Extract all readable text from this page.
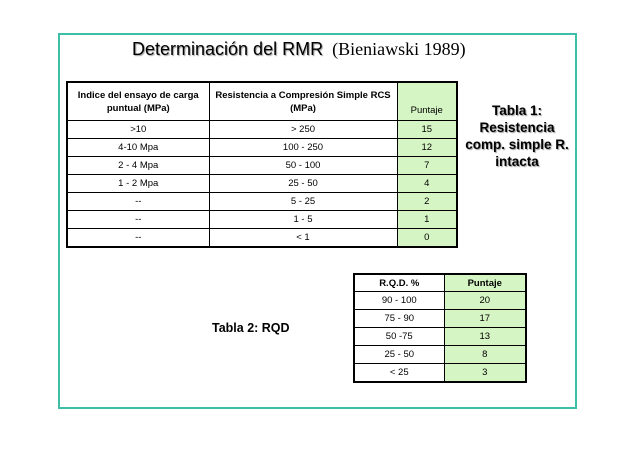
Determinación del RMR (Bieniawski 1989)
Indice del ensayo de carga puntual (MPa)	Resistencia a Compresión Simple RCS (MPa)	Puntaje
>10	> 250	15
4-10 Mpa	100 - 250	12
2 - 4 Mpa	50 - 100	7
1 - 2 Mpa	25 - 50	4
--	5 - 25	2
--	1 - 5	1
--	< 1	0
Tabla 1:
Resistencia
comp. simple R.
intacta
R.Q.D. %	Puntaje
90 - 100	20
75 - 90	17
50 -75	13
25 - 50	8
< 25	3
Tabla 2: RQD
